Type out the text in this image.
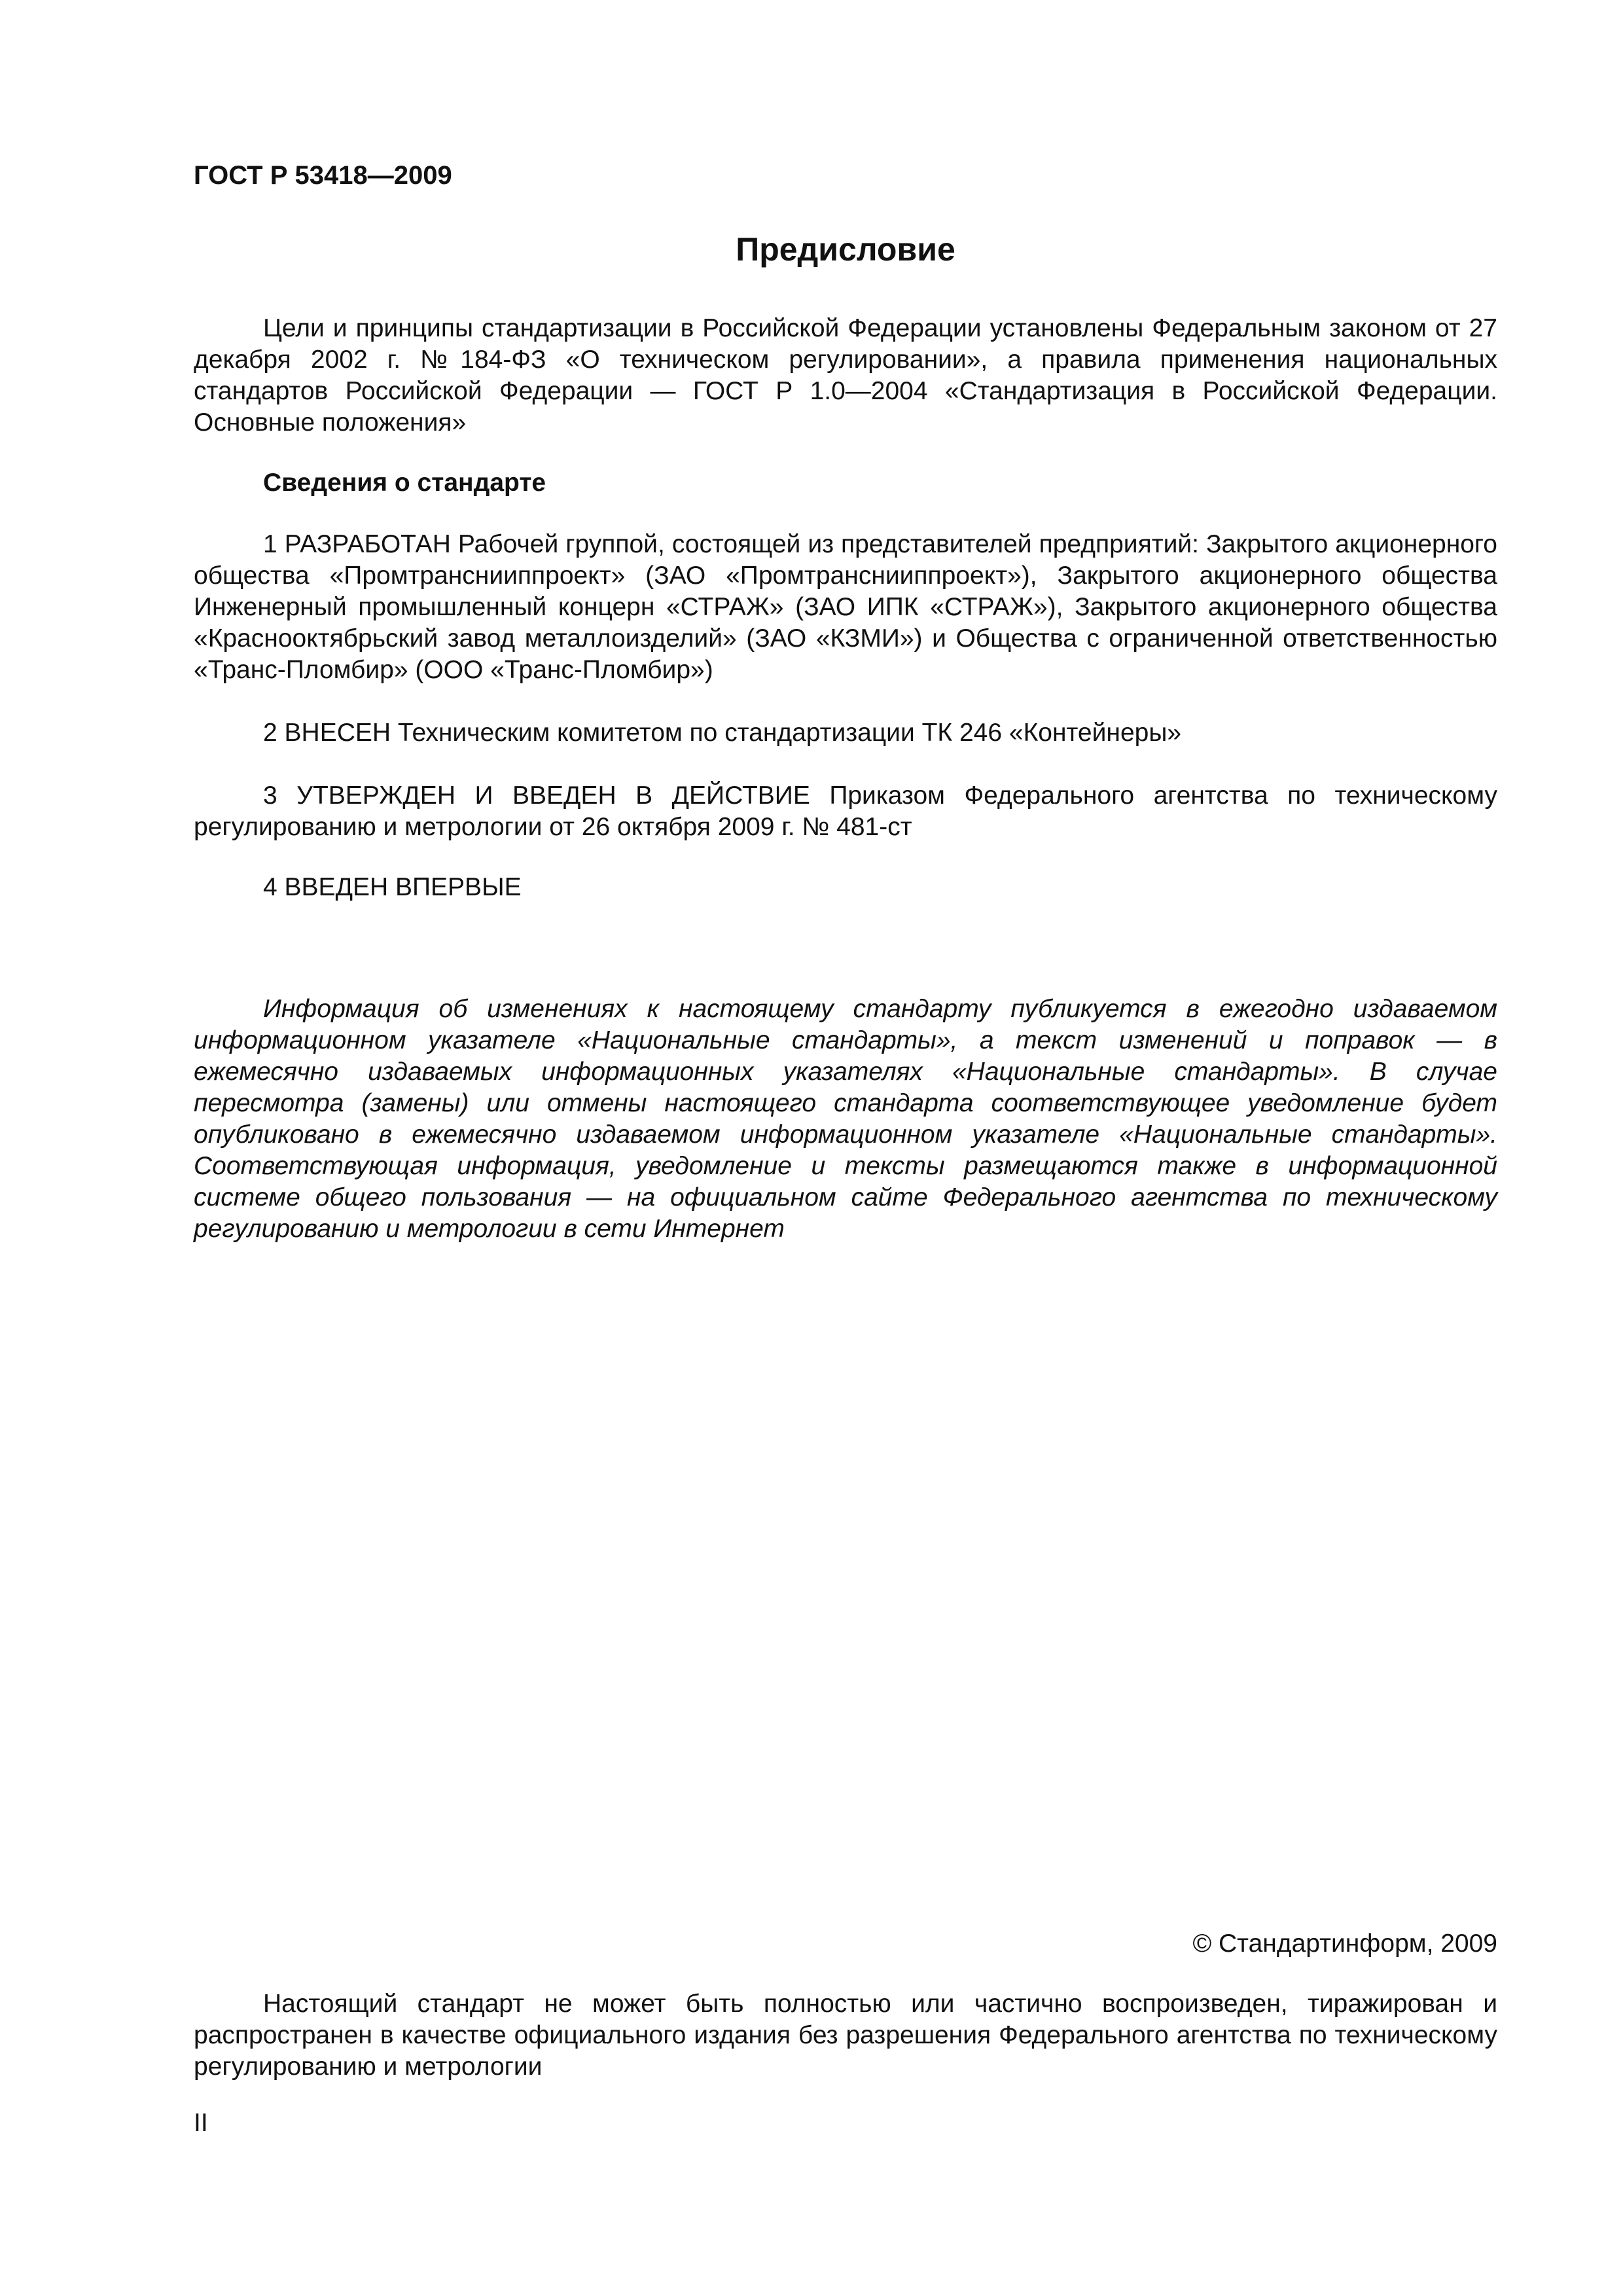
ГОСТ Р 53418—2009
Предисловие

Цели и принципы стандартизации в Российской Федерации установлены Федеральным законом от 27 декабря 2002 г. №184-ФЗ «О техническом регулировании», а правила применения национальных стандартов Российской Федерации — ГОСТ Р 1.0—2004 «Стандартизация в Российской Федерации. Основные положения»

Сведения о стандарте

1 РАЗРАБОТАН Рабочей группой, состоящей из представителей предприятий: Закрытого акционерного общества «Промтранснииппроект» (ЗАО «Промтранснииппроект»), Закрытого акционерного общества Инженерный промышленный концерн «СТРАЖ» (ЗАО ИПК «СТРАЖ»), Закрытого акционерного общества «Краснооктябрьский завод металлоизделий» (ЗАО «КЗМИ») и Общества с ограниченной ответственностью «Транс-Пломбир» (ООО «Транс-Пломбир»)

2 ВНЕСЕН Техническим комитетом по стандартизации ТК 246 «Контейнеры»

3 УТВЕРЖДЕН И ВВЕДЕН В ДЕЙСТВИЕ Приказом Федерального агентства по техническому регулированию и метрологии от 26 октября 2009 г. № 481-ст

4 ВВЕДЕН ВПЕРВЫЕ

Информация об изменениях к настоящему стандарту публикуется в ежегодно издаваемом информационном указателе «Национальные стандарты», а текст изменений и поправок — в ежемесячно издаваемых информационных указателях «Национальные стандарты». В случае пересмотра (замены) или отмены настоящего стандарта соответствующее уведомление будет опубликовано в ежемесячно издаваемом информационном указателе «Национальные стандарты». Соответствующая информация, уведомление и тексты размещаются также в информационной системе общего пользования — на официальном сайте Федерального агентства по техническому регулированию и метрологии в сети Интернет

© Стандартинформ, 2009

Настоящий стандарт не может быть полностью или частично воспроизведен, тиражирован и распространен в качестве официального издания без разрешения Федерального агентства по техническому регулированию и метрологии

II
